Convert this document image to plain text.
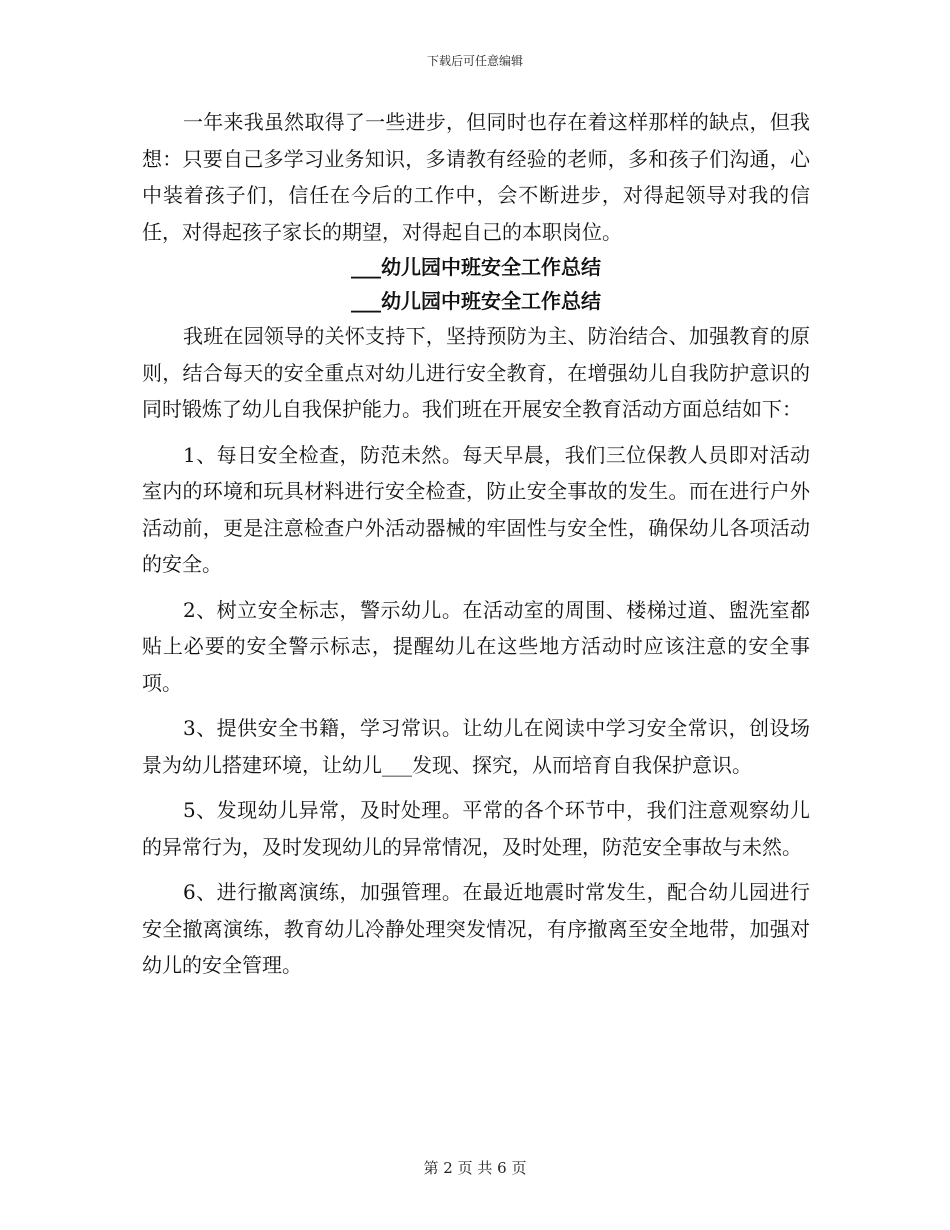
下载后可任意编辑

一年来我虽然取得了一些进步，但同时也存在着这样那样的缺点，但我想：只要自己多学习业务知识，多请教有经验的老师，多和孩子们沟通，心中装着孩子们，信任在今后的工作中，会不断进步，对得起领导对我的信任，对得起孩子家长的期望，对得起自己的本职岗位。

___幼儿园中班安全工作总结
___幼儿园中班安全工作总结

我班在园领导的关怀支持下，坚持预防为主、防治结合、加强教育的原则，结合每天的安全重点对幼儿进行安全教育，在增强幼儿自我防护意识的同时锻炼了幼儿自我保护能力。我们班在开展安全教育活动方面总结如下：

1、每日安全检查，防范未然。每天早晨，我们三位保教人员即对活动室内的环境和玩具材料进行安全检查，防止安全事故的发生。而在进行户外活动前，更是注意检查户外活动器械的牢固性与安全性，确保幼儿各项活动的安全。

2、树立安全标志，警示幼儿。在活动室的周围、楼梯过道、盥洗室都贴上必要的安全警示标志，提醒幼儿在这些地方活动时应该注意的安全事项。

3、提供安全书籍，学习常识。让幼儿在阅读中学习安全常识，创设场景为幼儿搭建环境，让幼儿___发现、探究，从而培育自我保护意识。

5、发现幼儿异常，及时处理。平常的各个环节中，我们注意观察幼儿的异常行为，及时发现幼儿的异常情况，及时处理，防范安全事故与未然。

6、进行撤离演练，加强管理。在最近地震时常发生，配合幼儿园进行安全撤离演练，教育幼儿冷静处理突发情况，有序撤离至安全地带，加强对幼儿的安全管理。

第 2 页 共 6 页
